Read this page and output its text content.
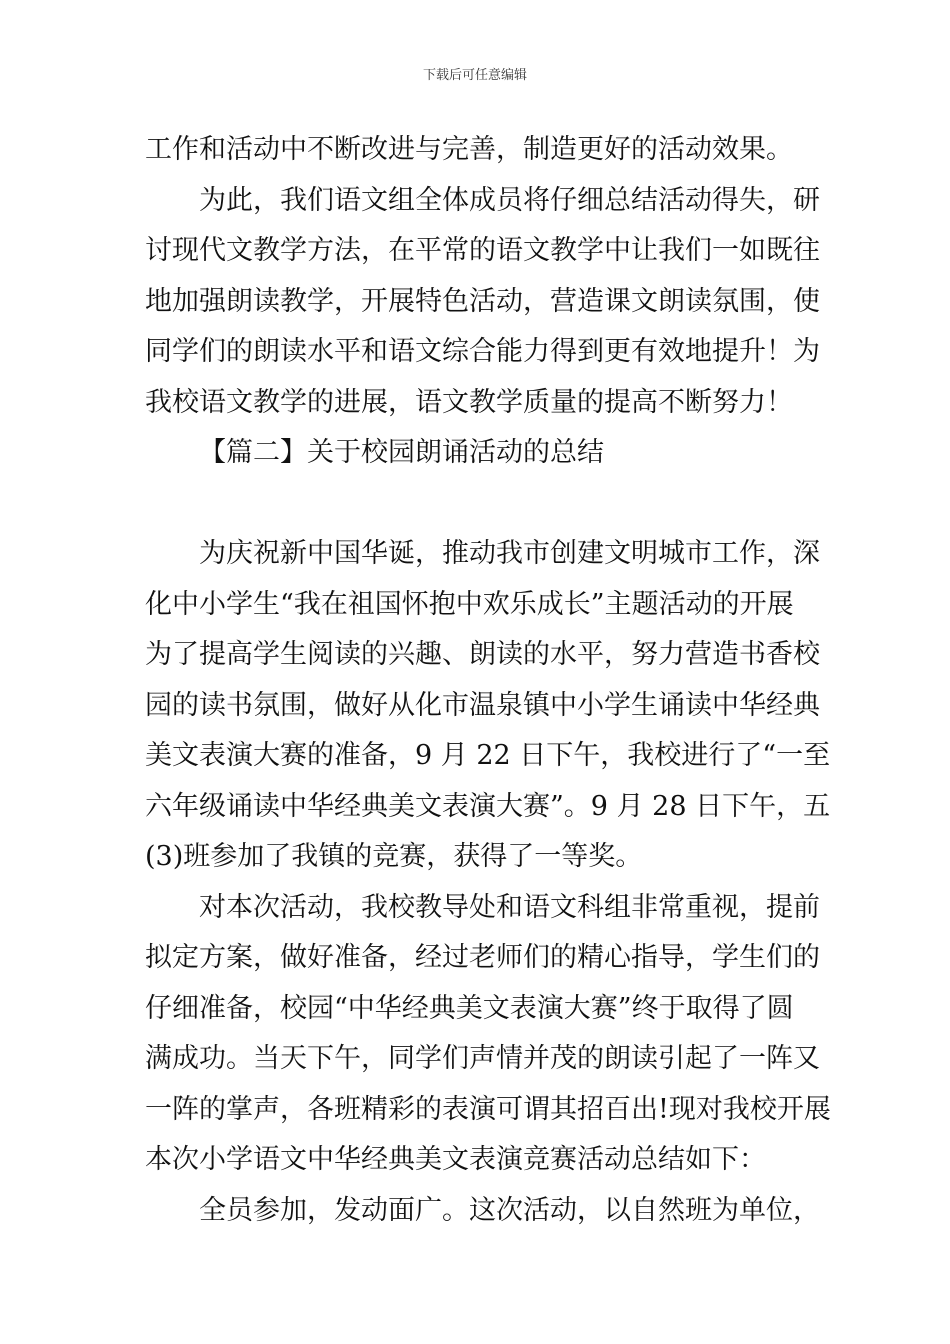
下载后可任意编辑
工作和活动中不断改进与完善，制造更好的活动效果。
为此，我们语文组全体成员将仔细总结活动得失，研
讨现代文教学方法，在平常的语文教学中让我们一如既往
地加强朗读教学，开展特色活动，营造课文朗读氛围，使
同学们的朗读水平和语文综合能力得到更有效地提升！为
我校语文教学的进展，语文教学质量的提高不断努力！
【篇二】关于校园朗诵活动的总结
为庆祝新中国华诞，推动我市创建文明城市工作，深
化中小学生“我在祖国怀抱中欢乐成长”主题活动的开展
为了提高学生阅读的兴趣、朗读的水平，努力营造书香校
园的读书氛围，做好从化市温泉镇中小学生诵读中华经典
美文表演大赛的准备，9 月 22 日下午，我校进行了“一至
六年级诵读中华经典美文表演大赛”。9 月 28 日下午，五
(3)班参加了我镇的竞赛，获得了一等奖。
对本次活动，我校教导处和语文科组非常重视，提前
拟定方案，做好准备，经过老师们的精心指导，学生们的
仔细准备，校园“中华经典美文表演大赛”终于取得了圆
满成功。当天下午，同学们声情并茂的朗读引起了一阵又
一阵的掌声，各班精彩的表演可谓其招百出!现对我校开展
本次小学语文中华经典美文表演竞赛活动总结如下：
全员参加，发动面广。这次活动，以自然班为单位，
